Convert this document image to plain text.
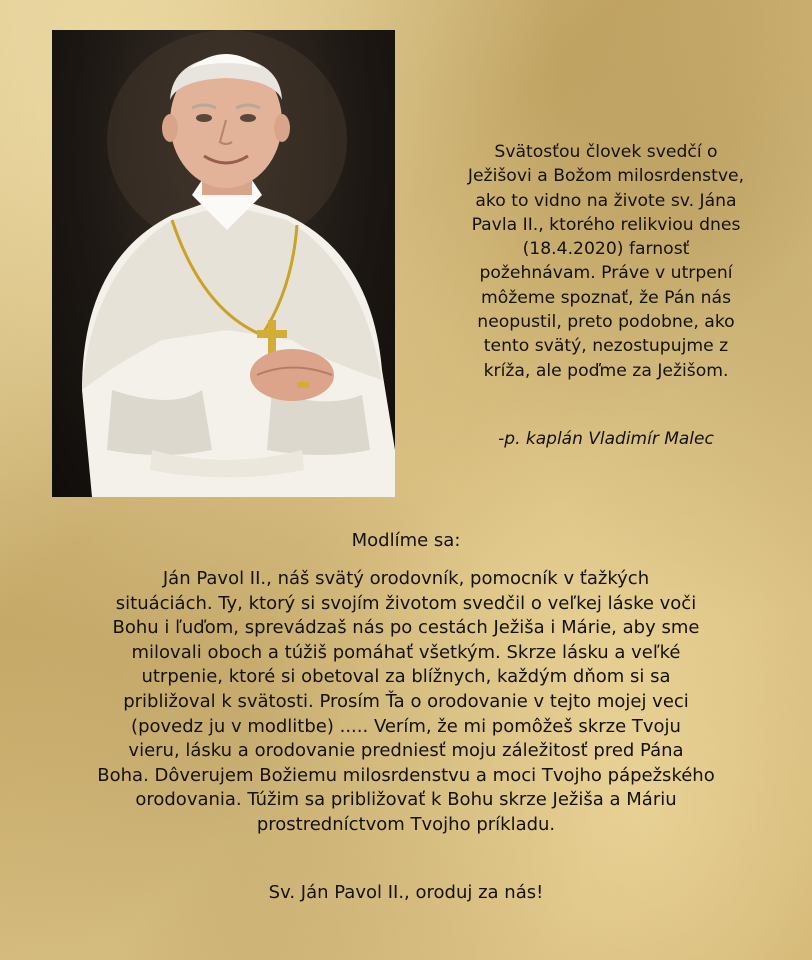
Svätosťou človek svedčí o
Ježišovi a Božom milosrdenstve,
ako to vidno na živote sv. Jána
Pavla II., ktorého relikviou dnes
(18.4.2020) farnosť
požehnávam. Práve v utrpení
môžeme spoznať, že Pán nás
neopustil, preto podobne, ako
tento svätý, nezostupujme z
kríža, ale poďme za Ježišom.
-p. kaplán Vladimír Malec
Modlíme sa:
Ján Pavol II., náš svätý orodovník, pomocník v ťažkých
situáciách. Ty, ktorý si svojím životom svedčil o veľkej láske voči
Bohu i ľuďom, sprevádzaš nás po cestách Ježiša i Márie, aby sme
milovali oboch a túžiš pomáhať všetkým. Skrze lásku a veľké
utrpenie, ktoré si obetoval za blížnych, každým dňom si sa
približoval k svätosti. Prosím Ťa o orodovanie v tejto mojej veci
(povedz ju v modlitbe) ..... Verím, že mi pomôžeš skrze Tvoju
vieru, lásku a orodovanie predniesť moju záležitosť pred Pána
Boha. Dôverujem Božiemu milosrdenstvu a moci Tvojho pápežského
orodovania. Túžim sa približovať k Bohu skrze Ježiša a Máriu
prostredníctvom Tvojho príkladu.
Sv. Ján Pavol II., oroduj za nás!
